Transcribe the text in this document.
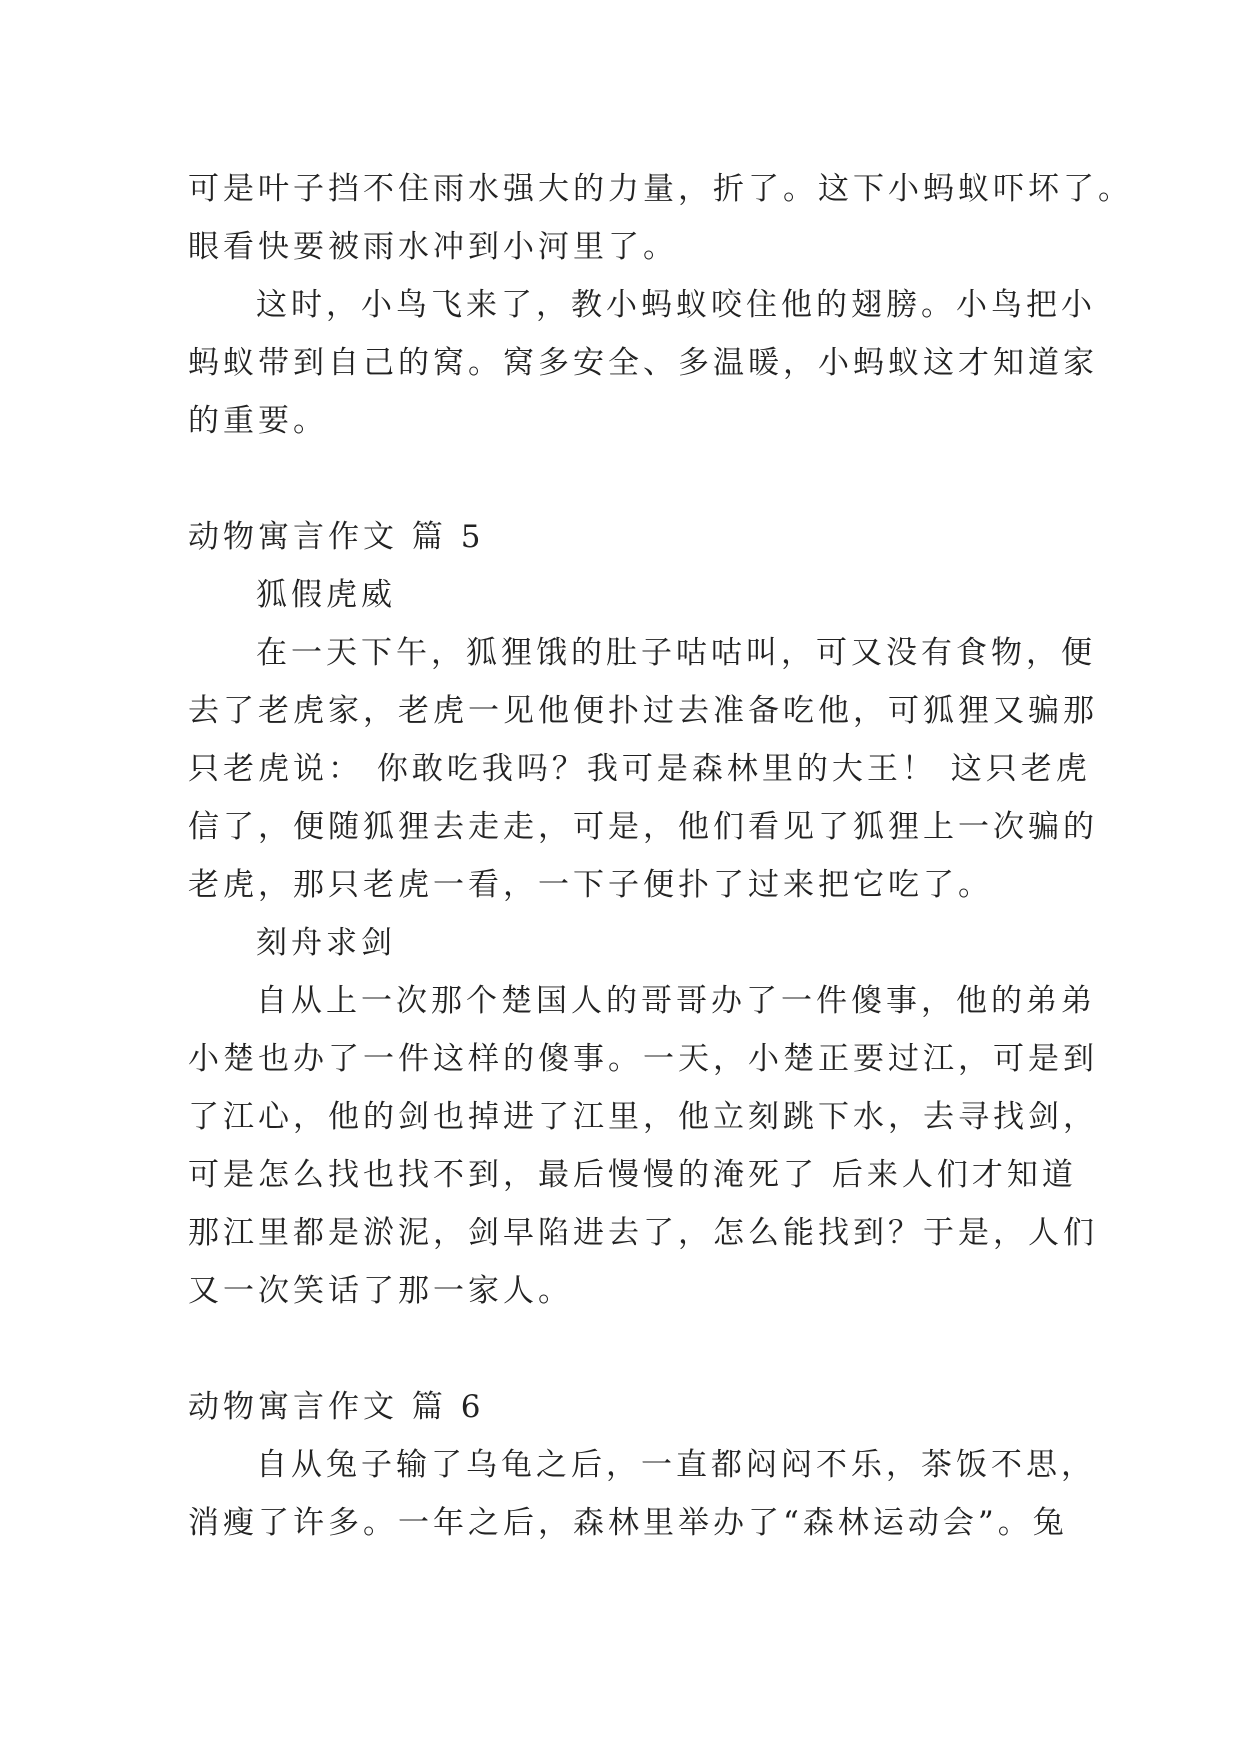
可是叶子挡不住雨水强大的力量，折了。这下小蚂蚁吓坏了。

眼看快要被雨水冲到小河里了。

这时，小鸟飞来了，教小蚂蚁咬住他的翅膀。小鸟把小

蚂蚁带到自己的窝。窝多安全、多温暖，小蚂蚁这才知道家

的重要。

动物寓言作文 篇 5

狐假虎威

在一天下午，狐狸饿的肚子咕咕叫，可又没有食物，便

去了老虎家，老虎一见他便扑过去准备吃他，可狐狸又骗那

只老虎说： 你敢吃我吗？我可是森林里的大王！ 这只老虎

信了，便随狐狸去走走，可是，他们看见了狐狸上一次骗的

老虎，那只老虎一看，一下子便扑了过来把它吃了。

刻舟求剑

自从上一次那个楚国人的哥哥办了一件傻事，他的弟弟

小楚也办了一件这样的傻事。一天，小楚正要过江，可是到

了江心，他的剑也掉进了江里，他立刻跳下水，去寻找剑，

可是怎么找也找不到，最后慢慢的淹死了 后来人们才知道

那江里都是淤泥，剑早陷进去了，怎么能找到？于是，人们

又一次笑话了那一家人。

动物寓言作文 篇 6

自从兔子输了乌龟之后，一直都闷闷不乐，茶饭不思，

消瘦了许多。一年之后，森林里举办了“森林运动会”。兔
